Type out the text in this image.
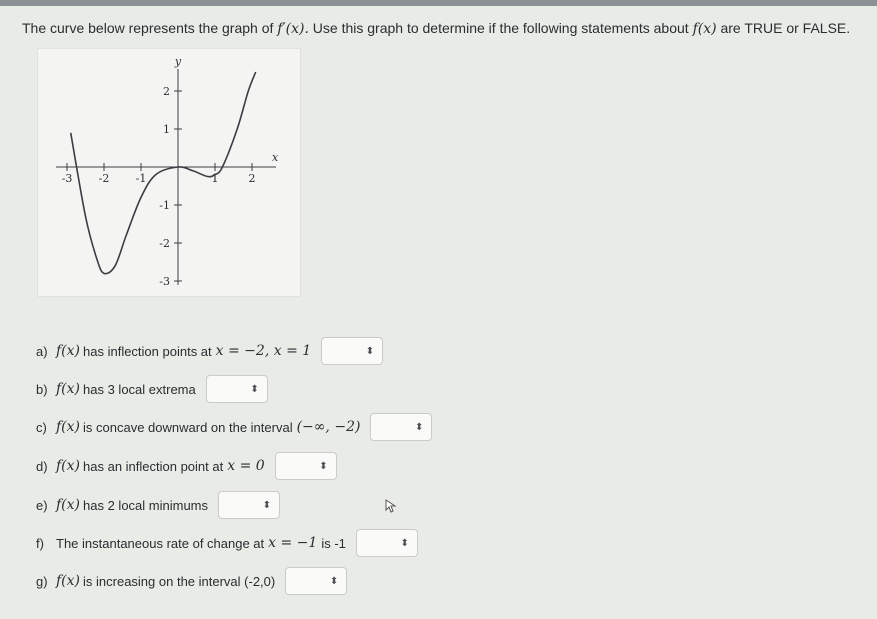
The curve below represents the graph of f′(x). Use this graph to determine if the following statements about f(x) are TRUE or FALSE.
-3 -2 -1	1	2
2
1
-1
-2
-3
x
y
a) f(x) has inflection points at x = −2, x = 1	⬍
b) f(x) has 3 local extrema	⬍
c) f(x) is concave downward on the interval (−∞, −2)	⬍
d) f(x) has an inflection point at x = 0	⬍
e) f(x) has 2 local minimums	⬍
f) The instantaneous rate of change at x = −1 is -1	⬍
g) f(x) is increasing on the interval (-2,0)	⬍
